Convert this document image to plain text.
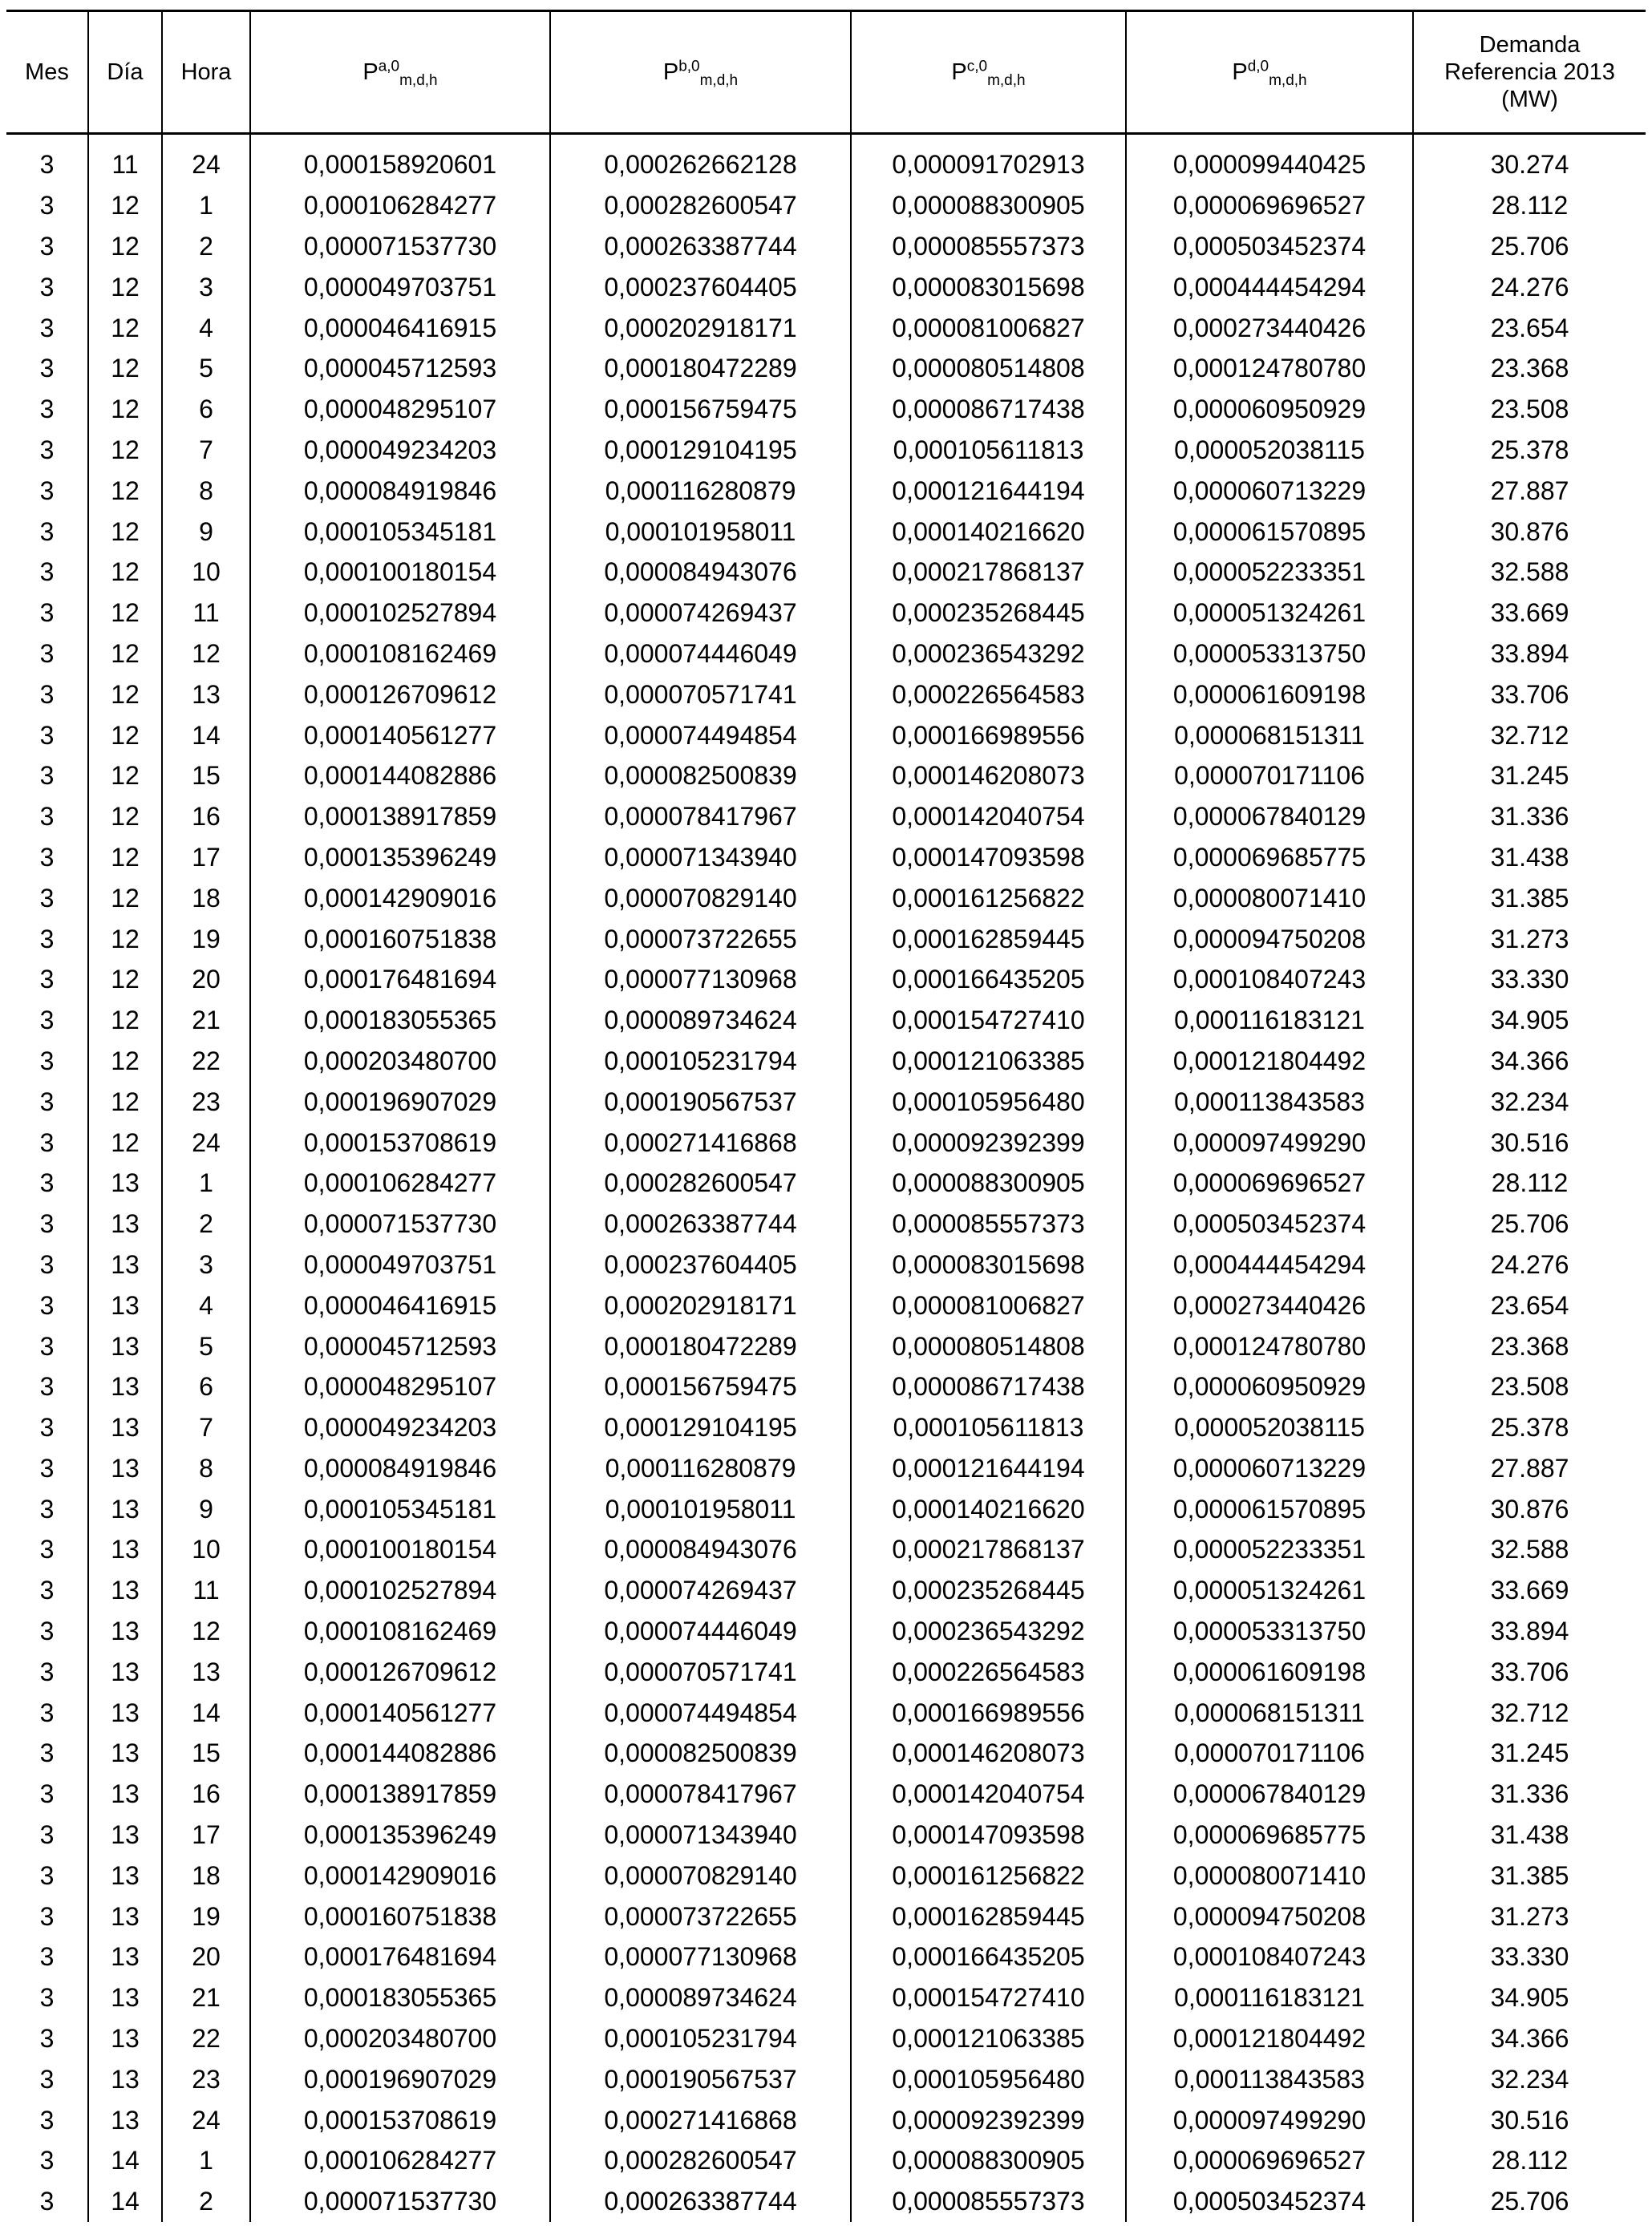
Mes	Día	Hora	P$^{a,0}_{m,d,h}$	P$^{b,0}_{m,d,h}$	P$^{c,0}_{m,d,h}$	P$^{d,0}_{m,d,h}$	Demanda
Referencia 2013
(MW)
3	11	24	0,000158920601	0,000262662128	0,000091702913	0,000099440425	30.274
3	12	1	0,000106284277	0,000282600547	0,000088300905	0,000069696527	28.112
3	12	2	0,000071537730	0,000263387744	0,000085557373	0,000503452374	25.706
3	12	3	0,000049703751	0,000237604405	0,000083015698	0,000444454294	24.276
3	12	4	0,000046416915	0,000202918171	0,000081006827	0,000273440426	23.654
3	12	5	0,000045712593	0,000180472289	0,000080514808	0,000124780780	23.368
3	12	6	0,000048295107	0,000156759475	0,000086717438	0,000060950929	23.508
3	12	7	0,000049234203	0,000129104195	0,000105611813	0,000052038115	25.378
3	12	8	0,000084919846	0,000116280879	0,000121644194	0,000060713229	27.887
3	12	9	0,000105345181	0,000101958011	0,000140216620	0,000061570895	30.876
3	12	10	0,000100180154	0,000084943076	0,000217868137	0,000052233351	32.588
3	12	11	0,000102527894	0,000074269437	0,000235268445	0,000051324261	33.669
3	12	12	0,000108162469	0,000074446049	0,000236543292	0,000053313750	33.894
3	12	13	0,000126709612	0,000070571741	0,000226564583	0,000061609198	33.706
3	12	14	0,000140561277	0,000074494854	0,000166989556	0,000068151311	32.712
3	12	15	0,000144082886	0,000082500839	0,000146208073	0,000070171106	31.245
3	12	16	0,000138917859	0,000078417967	0,000142040754	0,000067840129	31.336
3	12	17	0,000135396249	0,000071343940	0,000147093598	0,000069685775	31.438
3	12	18	0,000142909016	0,000070829140	0,000161256822	0,000080071410	31.385
3	12	19	0,000160751838	0,000073722655	0,000162859445	0,000094750208	31.273
3	12	20	0,000176481694	0,000077130968	0,000166435205	0,000108407243	33.330
3	12	21	0,000183055365	0,000089734624	0,000154727410	0,000116183121	34.905
3	12	22	0,000203480700	0,000105231794	0,000121063385	0,000121804492	34.366
3	12	23	0,000196907029	0,000190567537	0,000105956480	0,000113843583	32.234
3	12	24	0,000153708619	0,000271416868	0,000092392399	0,000097499290	30.516
3	13	1	0,000106284277	0,000282600547	0,000088300905	0,000069696527	28.112
3	13	2	0,000071537730	0,000263387744	0,000085557373	0,000503452374	25.706
3	13	3	0,000049703751	0,000237604405	0,000083015698	0,000444454294	24.276
3	13	4	0,000046416915	0,000202918171	0,000081006827	0,000273440426	23.654
3	13	5	0,000045712593	0,000180472289	0,000080514808	0,000124780780	23.368
3	13	6	0,000048295107	0,000156759475	0,000086717438	0,000060950929	23.508
3	13	7	0,000049234203	0,000129104195	0,000105611813	0,000052038115	25.378
3	13	8	0,000084919846	0,000116280879	0,000121644194	0,000060713229	27.887
3	13	9	0,000105345181	0,000101958011	0,000140216620	0,000061570895	30.876
3	13	10	0,000100180154	0,000084943076	0,000217868137	0,000052233351	32.588
3	13	11	0,000102527894	0,000074269437	0,000235268445	0,000051324261	33.669
3	13	12	0,000108162469	0,000074446049	0,000236543292	0,000053313750	33.894
3	13	13	0,000126709612	0,000070571741	0,000226564583	0,000061609198	33.706
3	13	14	0,000140561277	0,000074494854	0,000166989556	0,000068151311	32.712
3	13	15	0,000144082886	0,000082500839	0,000146208073	0,000070171106	31.245
3	13	16	0,000138917859	0,000078417967	0,000142040754	0,000067840129	31.336
3	13	17	0,000135396249	0,000071343940	0,000147093598	0,000069685775	31.438
3	13	18	0,000142909016	0,000070829140	0,000161256822	0,000080071410	31.385
3	13	19	0,000160751838	0,000073722655	0,000162859445	0,000094750208	31.273
3	13	20	0,000176481694	0,000077130968	0,000166435205	0,000108407243	33.330
3	13	21	0,000183055365	0,000089734624	0,000154727410	0,000116183121	34.905
3	13	22	0,000203480700	0,000105231794	0,000121063385	0,000121804492	34.366
3	13	23	0,000196907029	0,000190567537	0,000105956480	0,000113843583	32.234
3	13	24	0,000153708619	0,000271416868	0,000092392399	0,000097499290	30.516
3	14	1	0,000106284277	0,000282600547	0,000088300905	0,000069696527	28.112
3	14	2	0,000071537730	0,000263387744	0,000085557373	0,000503452374	25.706
